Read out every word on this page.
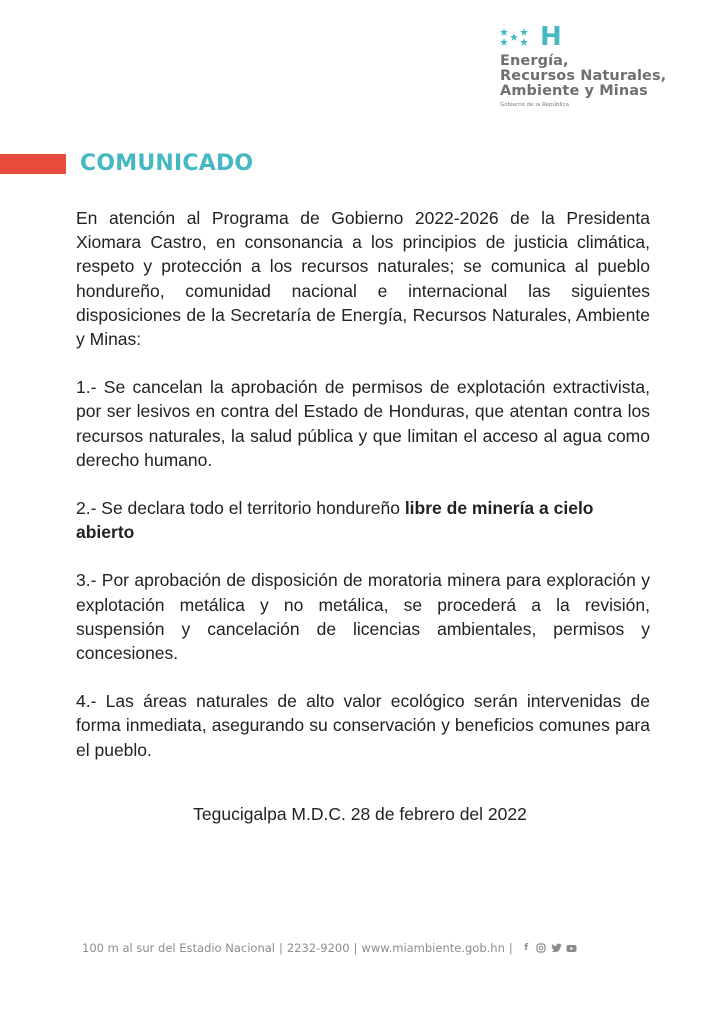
H
Energía,
Recursos Naturales,
Ambiente y Minas
Gobierno de la República
COMUNICADO

En atención al Programa de Gobierno 2022-2026 de la Presidenta Xiomara Castro, en consonancia a los principios de justicia climática, respeto y protección a los recursos naturales; se comunica al pueblo hondureño, comunidad nacional e internacional las siguientes disposiciones de la Secretaría de Energía, Recursos Naturales, Ambiente y Minas:

1.- Se cancelan la aprobación de permisos de explotación extractivista, por ser lesivos en contra del Estado de Honduras, que atentan contra los recursos naturales, la salud pública y que limitan el acceso al agua como derecho humano.

2.- Se declara todo el territorio hondureño libre de minería a cielo abierto

3.- Por aprobación de disposición de moratoria minera para exploración y explotación metálica y no metálica, se procederá a la revisión, suspensión y cancelación de licencias ambientales, permisos y concesiones.

4.- Las áreas naturales de alto valor ecológico serán intervenidas de forma inmediata, asegurando su conservación y beneficios comunes para el pueblo.

Tegucigalpa M.D.C. 28 de febrero del 2022
100 m al sur del Estadio Nacional | 2232-9200 | www.miambiente.gob.hn |	f
